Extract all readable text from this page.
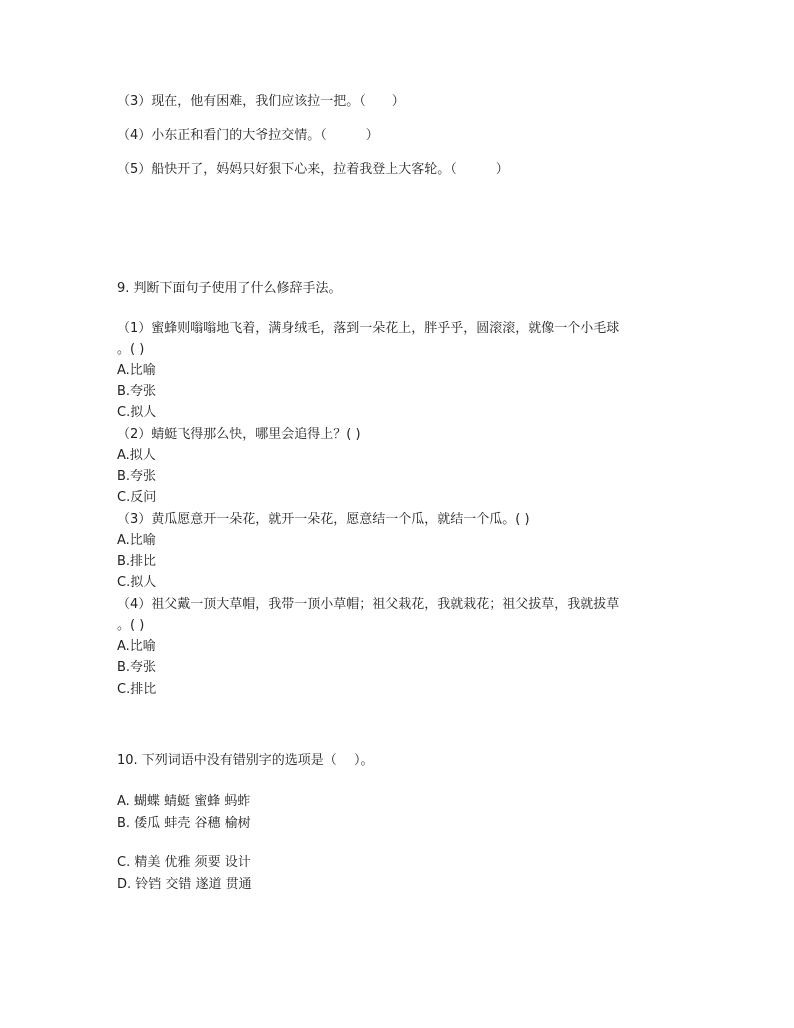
（3）现在，他有困难，我们应该拉一把。（　　）
（4）小东正和看门的大爷拉交情。（　　　）
（5）船快开了，妈妈只好狠下心来，拉着我登上大客轮。（　　　）
9. 判断下面句子使用了什么修辞手法。
（1）蜜蜂则嗡嗡地飞着，满身绒毛，落到一朵花上，胖乎乎，圆滚滚，就像一个小毛球
。( )
A.比喻
B.夸张
C.拟人
（2）蜻蜓飞得那么快，哪里会追得上？( )
A.拟人
B.夸张
C.反问
（3）黄瓜愿意开一朵花，就开一朵花，愿意结一个瓜，就结一个瓜。( )
A.比喻
B.排比
C.拟人
（4）祖父戴一顶大草帽，我带一顶小草帽；祖父栽花，我就栽花；祖父拔草，我就拔草
。( )
A.比喻
B.夸张
C.排比
10. 下列词语中没有错别字的选项是（　 ）。
A. 蝴蝶 蜻蜓 蜜蜂 蚂蚱
B. 倭瓜 蚌壳 谷穗 榆树
C. 精美 优雅 须要 设计
D. 铃铛 交错 遂道 贯通
